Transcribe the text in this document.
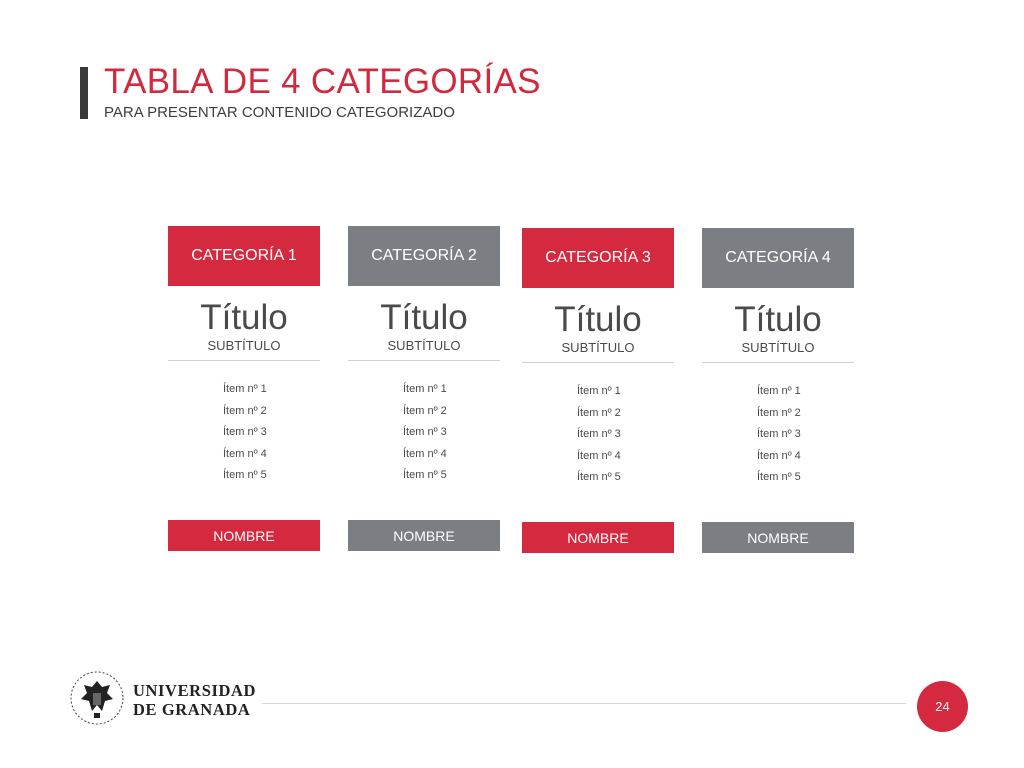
TABLA DE 4 CATEGORÍAS
PARA PRESENTAR CONTENIDO CATEGORIZADO
CATEGORÍA 1
Título
SUBTÍTULO
Ítem nº 1
Ítem nº 2
Ítem nº 3
Ítem nº 4
Ítem nº 5
NOMBRE
CATEGORÍA 2
Título
SUBTÍTULO
Ítem nº 1
Ítem nº 2
Ítem nº 3
Ítem nº 4
Ítem nº 5
NOMBRE
CATEGORÍA 3
Título
SUBTÍTULO
Ítem nº 1
Ítem nº 2
Ítem nº 3
Ítem nº 4
Ítem nº 5
NOMBRE
CATEGORÍA 4
Título
SUBTÍTULO
Ítem nº 1
Ítem nº 2
Ítem nº 3
Ítem nº 4
Ítem nº 5
NOMBRE
UNIVERSIDAD
DE GRANADA	24
